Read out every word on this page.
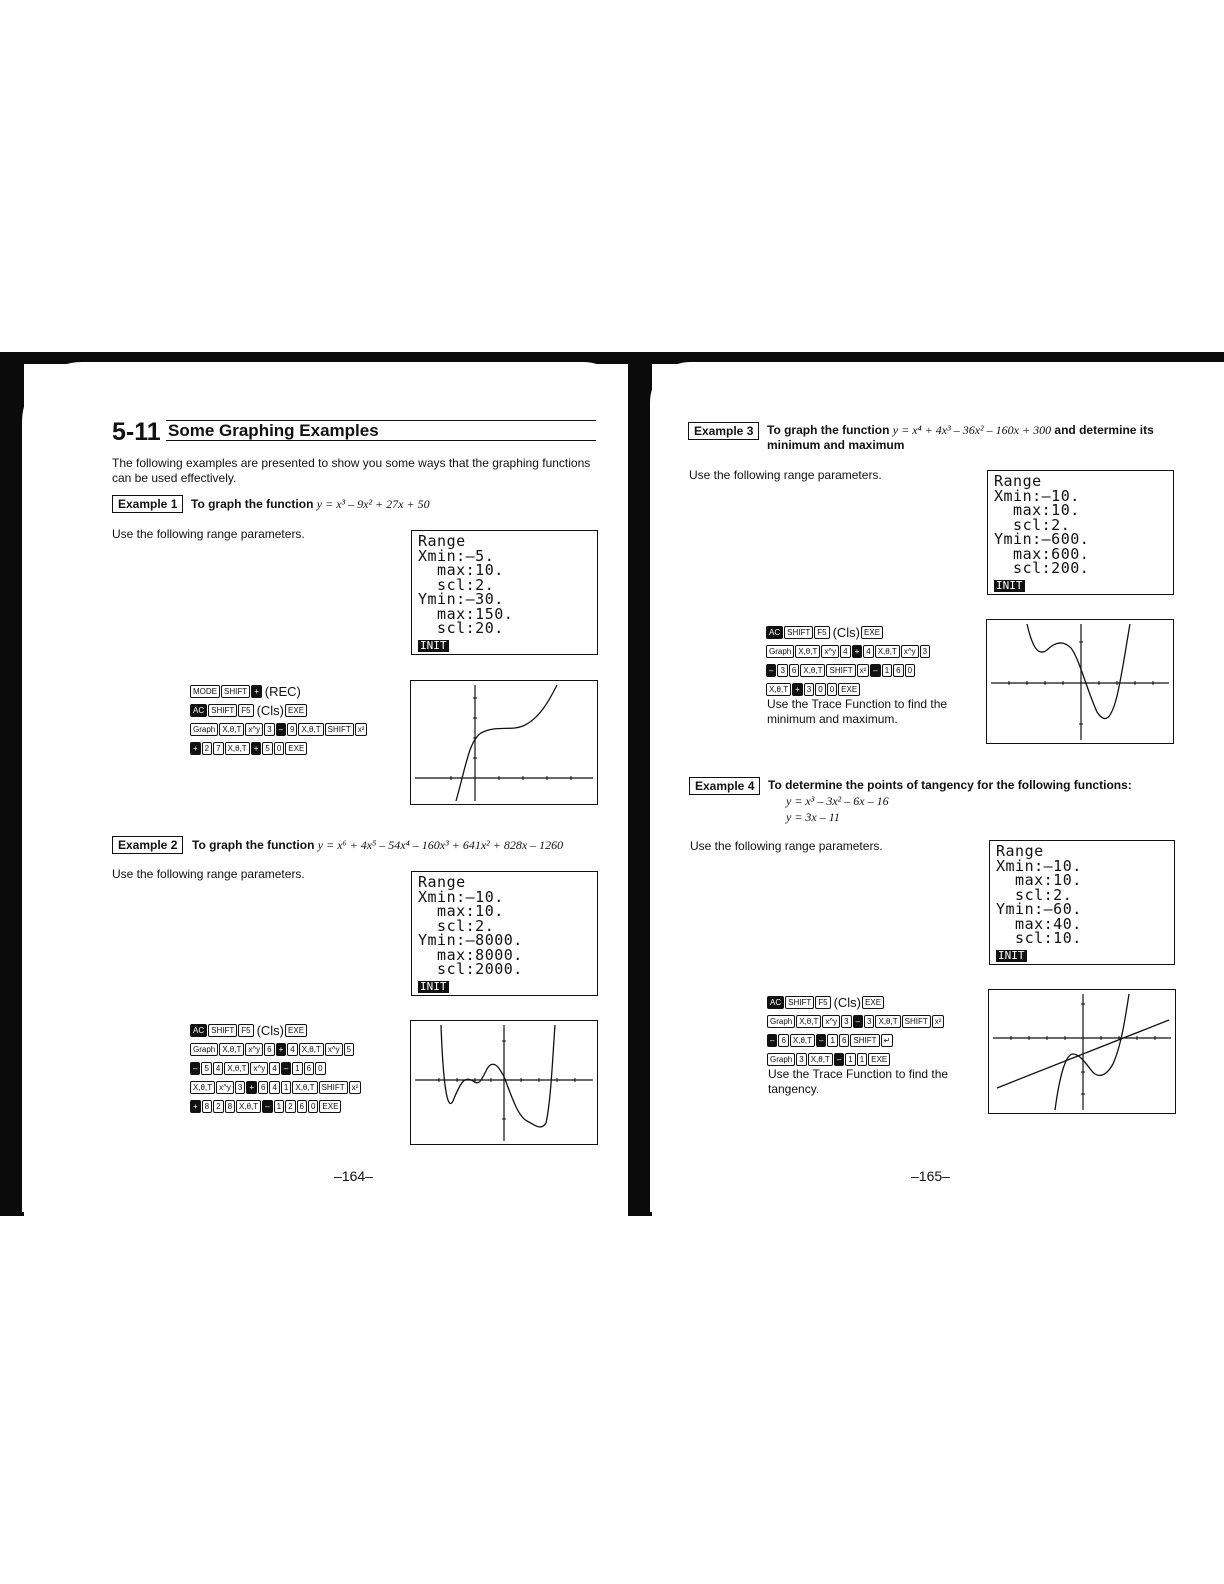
5-11 Some Graphing Examples
The following examples are presented to show you some ways that the graphing functions can be used effectively.
Example 1	To graph the function y = x³ – 9x² + 27x + 50
Use the following range parameters.	Range
Xmin:–5.
max:10.
scl:2.
Ymin:–30.
max:150.
scl:20.
INIT
MODE SHIFT + (REC)
AC SHIFT F5 (Cls) EXE
Graph X,θ,T x^y 3 – 9 X,θ,T SHIFT x²
+ 2 7 X,θ,T + 5 0 EXE
Example 2	To graph the function y = x⁶ + 4x⁵ – 54x⁴ – 160x³ + 641x² + 828x – 1260
Use the following range parameters.	Range
Xmin:–10.
max:10.
scl:2.
Ymin:–8000.
max:8000.
scl:2000.
INIT
AC SHIFT F5 (Cls) EXE
Graph X,θ,T x^y 6 + 4 X,θ,T x^y 5
– 5 4 X,θ,T x^y 4 – 1 6 0
X,θ,T x^y 3 + 6 4 1 X,θ,T SHIFT x²
+ 8 2 8 X,θ,T – 1 2 6 0 EXE
–164–
Example 3	To graph the function y = x⁴ + 4x³ – 36x² – 160x + 300 and determine its minimum and maximum
Use the following range parameters.	Range
Xmin:–10.
max:10.
scl:2.
Ymin:–600.
max:600.
scl:200.
INIT
AC SHIFT F5 (Cls) EXE
Graph X,θ,T x^y 4 + 4 X,θ,T x^y 3
– 3 6 X,θ,T SHIFT x² – 1 6 0
X,θ,T + 3 0 0 EXE
Use the Trace Function to find the minimum and maximum.
Example 4	To determine the points of tangency for the following functions:
y = x³ – 3x² – 6x – 16
y = 3x – 11
Use the following range parameters.	Range
Xmin:–10.
max:10.
scl:2.
Ymin:–60.
max:40.
scl:10.
INIT
AC SHIFT F5 (Cls) EXE
Graph X,θ,T x^y 3 – 3 X,θ,T SHIFT x²
– 6 X,θ,T – 1 6 SHIFT ↵
Graph 3 X,θ,T – 1 1 EXE
Use the Trace Function to find the tangency.
–165–
